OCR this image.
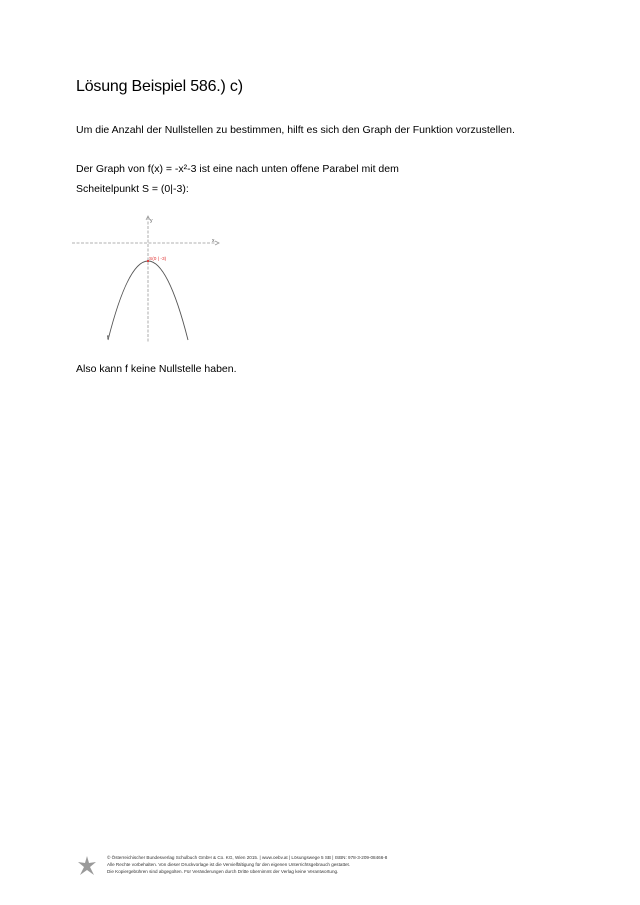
Lösung Beispiel 586.) c)
Um die Anzahl der Nullstellen zu bestimmen, hilft es sich den Graph der Funktion vorzustellen.
Der Graph von f(x) = -x²-3 ist eine nach unten offene Parabel mit dem
Scheitelpunkt S = (0|-3):
x
y
S(0 | -3)
f
Also kann f keine Nullstelle haben.
© Österreichischer Bundesverlag Schulbuch GmbH & Co. KG, Wien 2015. | www.oebv.at | Lösungswege 5 SB | ISBN: 978-3-209-08466-8
Alle Rechte vorbehalten. Von dieser Druckvorlage ist die Vervielfältigung für den eigenen Unterrichtsgebrauch gestattet.
Die Kopiergebühren sind abgegolten. Für Veränderungen durch Dritte übernimmt der Verlag keine Verantwortung.
